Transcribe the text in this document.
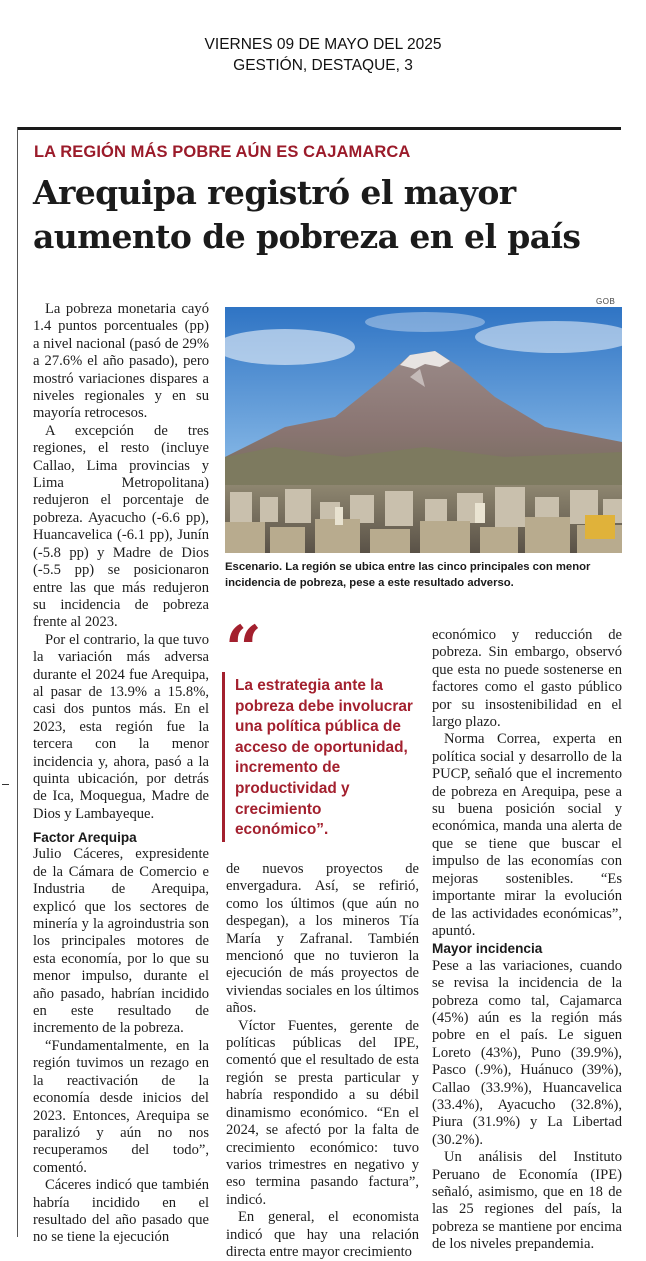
VIERNES 09 DE MAYO DEL 2025
GESTIÓN, DESTAQUE, 3
LA REGIÓN MÁS POBRE AÚN ES CAJAMARCA
Arequipa registró el mayor
aumento de pobreza en el país

La pobreza monetaria cayó 1.4 puntos porcentuales (pp) a nivel nacional (pasó de 29% a 27.6% el año pasado), pero mostró variaciones dispares a niveles regionales y en su mayoría retrocesos.

A excepción de tres regiones, el resto (incluye Callao, Lima provincias y Lima Metropolitana) redujeron el porcentaje de pobreza. Ayacucho (-6.6 pp), Huancavelica (-6.1 pp), Junín (-5.8 pp) y Madre de Dios (-5.5 pp) se posicionaron entre las que más redujeron su incidencia de pobreza frente al 2023.

Por el contrario, la que tuvo la variación más adversa durante el 2024 fue Arequipa, al pasar de 13.9% a 15.8%, casi dos puntos más. En el 2023, esta región fue la tercera con la menor incidencia y, ahora, pasó a la quinta ubicación, por detrás de Ica, Moquegua, Madre de Dios y Lambayeque.

Factor Arequipa

Julio Cáceres, expresidente de la Cámara de Comercio e Industria de Arequipa, explicó que los sectores de minería y la agroindustria son los principales motores de esta economía, por lo que su menor impulso, durante el año pasado, habrían incidido en este resultado de incremento de la pobreza.

“Fundamentalmente, en la región tuvimos un rezago en la reactivación de la economía desde inicios del 2023. Entonces, Arequipa se paralizó y aún no nos recuperamos del todo”, comentó.

Cáceres indicó que también habría incidido en el resultado del año pasado que no se tiene la ejecución

GOB
Escenario. La región se ubica entre las cinco principales con menor incidencia de pobreza, pese a este resultado adverso.
“
La estrategia ante la pobreza debe involucrar una política pública de acceso de oportunidad, incremento de productividad y crecimiento económico”.

de nuevos proyectos de envergadura. Así, se refirió, como los últimos (que aún no despegan), a los mineros Tía María y Zafranal. También mencionó que no tuvieron la ejecución de más proyectos de viviendas sociales en los últimos años.

Víctor Fuentes, gerente de políticas públicas del IPE, comentó que el resultado de esta región se presta particular y habría respondido a su débil dinamismo económico. “En el 2024, se afectó por la falta de crecimiento económico: tuvo varios trimestres en negativo y eso termina pasando factura”, indicó.

En general, el economista indicó que hay una relación directa entre mayor crecimiento

económico y reducción de pobreza. Sin embargo, observó que esta no puede sostenerse en factores como el gasto público por su insostenibilidad en el largo plazo.

Norma Correa, experta en política social y desarrollo de la PUCP, señaló que el incremento de pobreza en Arequipa, pese a su buena posición social y económica, manda una alerta de que se tiene que buscar el impulso de las economías con mejoras sostenibles. “Es importante mirar la evolución de las actividades económicas”, apuntó.

Mayor incidencia

Pese a las variaciones, cuando se revisa la incidencia de la pobreza como tal, Cajamarca (45%) aún es la región más pobre en el país. Le siguen Loreto (43%), Puno (39.9%), Pasco (.9%), Huánuco (39%), Callao (33.9%), Huancavelica (33.4%), Ayacucho (32.8%), Piura (31.9%) y La Libertad (30.2%).

Un análisis del Instituto Peruano de Economía (IPE) señaló, asimismo, que en 18 de las 25 regiones del país, la pobreza se mantiene por encima de los niveles prepandemia.
